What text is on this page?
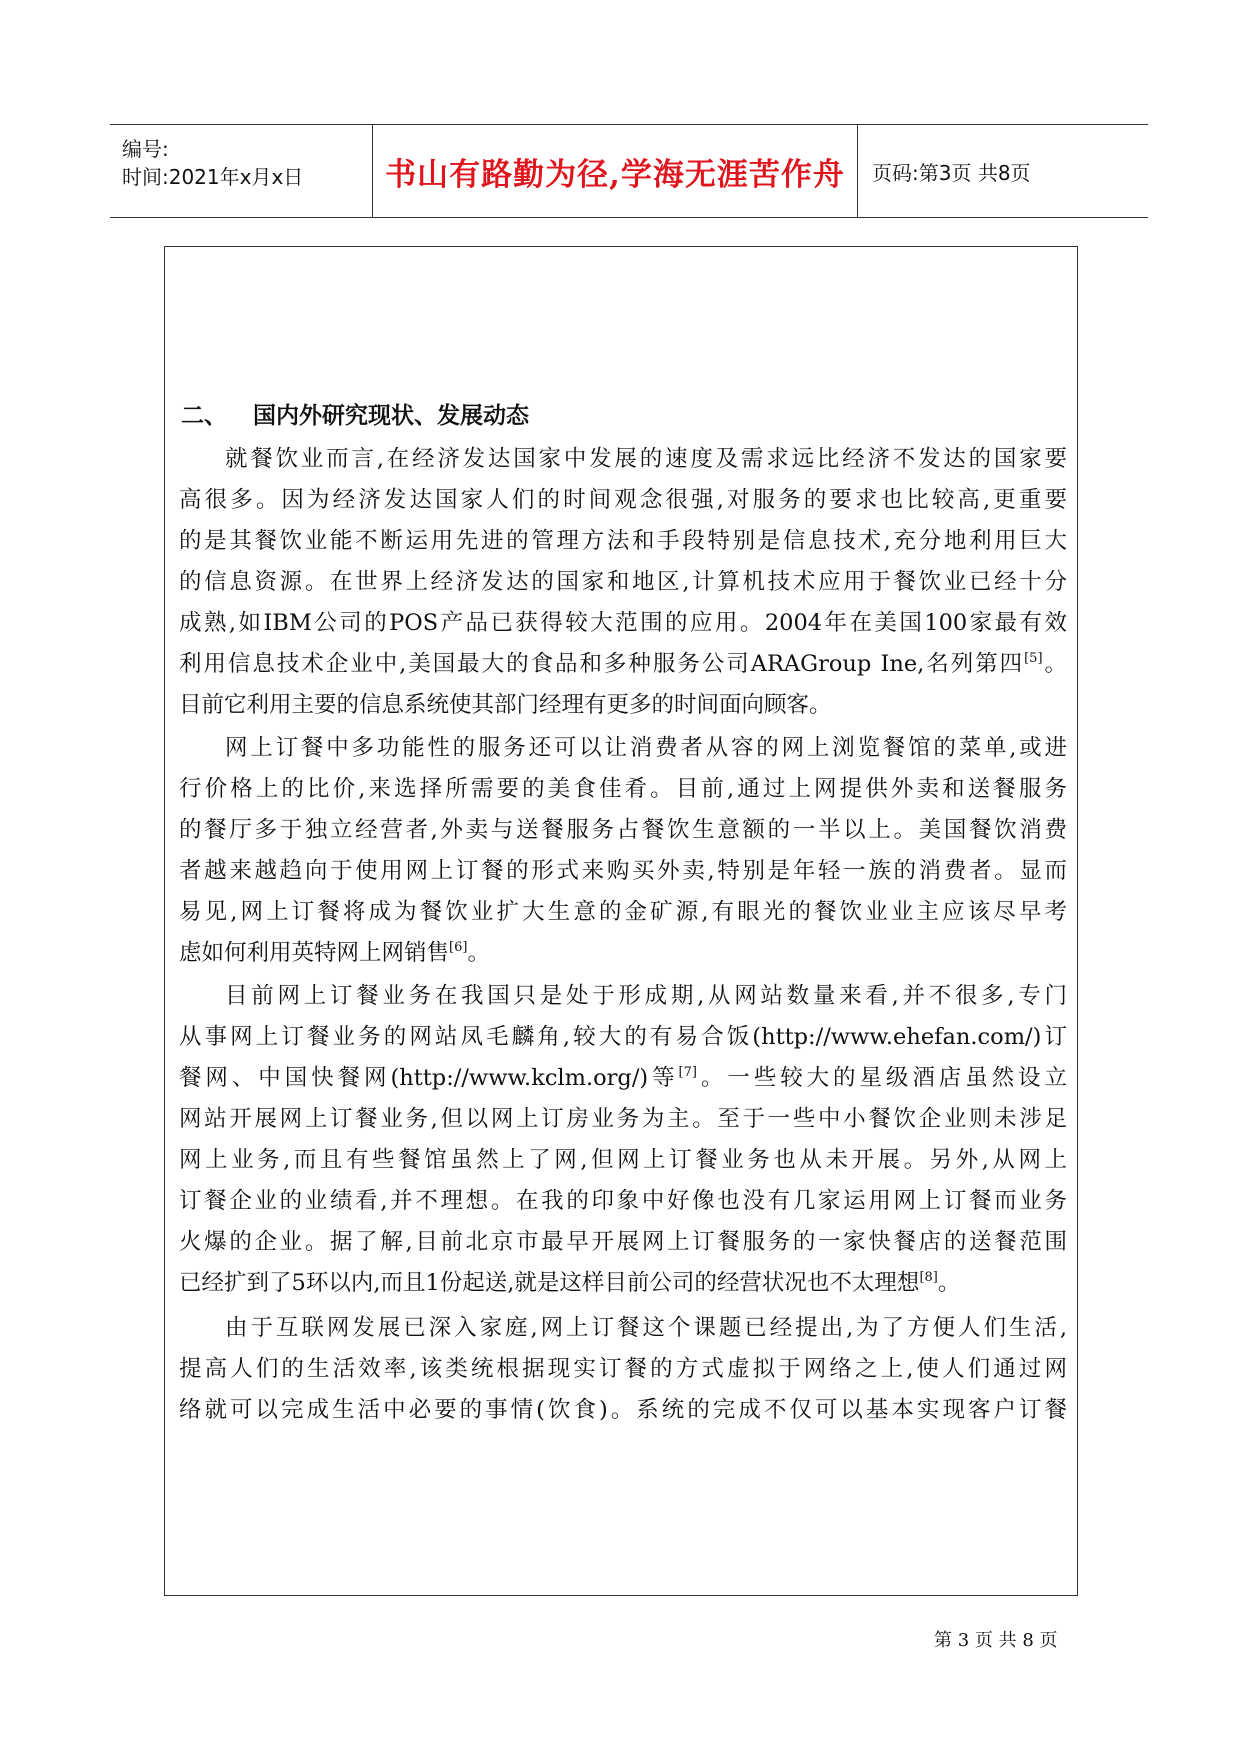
编号:
时间:2021年x月x日	书山有路勤为径,学海无涯苦作舟 页码:第3页 共8页
二、 国内外研究现状、发展动态
就餐饮业而言,在经济发达国家中发展的速度及需求远比经济不发达的国家要
高很多。因为经济发达国家人们的时间观念很强,对服务的要求也比较高,更重要
的是其餐饮业能不断运用先进的管理方法和手段特别是信息技术,充分地利用巨大
的信息资源。在世界上经济发达的国家和地区,计算机技术应用于餐饮业已经十分
成熟,如IBM公司的POS产品已获得较大范围的应用。2004年在美国100家最有效
利用信息技术企业中,美国最大的食品和多种服务公司ARAGroup Ine,名列第四[5]。
目前它利用主要的信息系统使其部门经理有更多的时间面向顾客。
网上订餐中多功能性的服务还可以让消费者从容的网上浏览餐馆的菜单,或进
行价格上的比价,来选择所需要的美食佳肴。目前,通过上网提供外卖和送餐服务
的餐厅多于独立经营者,外卖与送餐服务占餐饮生意额的一半以上。美国餐饮消费
者越来越趋向于使用网上订餐的形式来购买外卖,特别是年轻一族的消费者。显而
易见,网上订餐将成为餐饮业扩大生意的金矿源,有眼光的餐饮业业主应该尽早考
虑如何利用英特网上网销售[6]。
目前网上订餐业务在我国只是处于形成期,从网站数量来看,并不很多,专门
从事网上订餐业务的网站凤毛麟角,较大的有易合饭(http://www.ehefan.com/)订
餐网、中国快餐网(http://www.kclm.org/)等[7]。一些较大的星级酒店虽然设立
网站开展网上订餐业务,但以网上订房业务为主。至于一些中小餐饮企业则未涉足
网上业务,而且有些餐馆虽然上了网,但网上订餐业务也从未开展。另外,从网上
订餐企业的业绩看,并不理想。在我的印象中好像也没有几家运用网上订餐而业务
火爆的企业。据了解,目前北京市最早开展网上订餐服务的一家快餐店的送餐范围
已经扩到了5环以内,而且1份起送,就是这样目前公司的经营状况也不太理想[8]。
由于互联网发展已深入家庭,网上订餐这个课题已经提出,为了方便人们生活,
提高人们的生活效率,该类统根据现实订餐的方式虚拟于网络之上,使人们通过网
络就可以完成生活中必要的事情(饮食)。系统的完成不仅可以基本实现客户订餐
第 3 页 共 8 页
